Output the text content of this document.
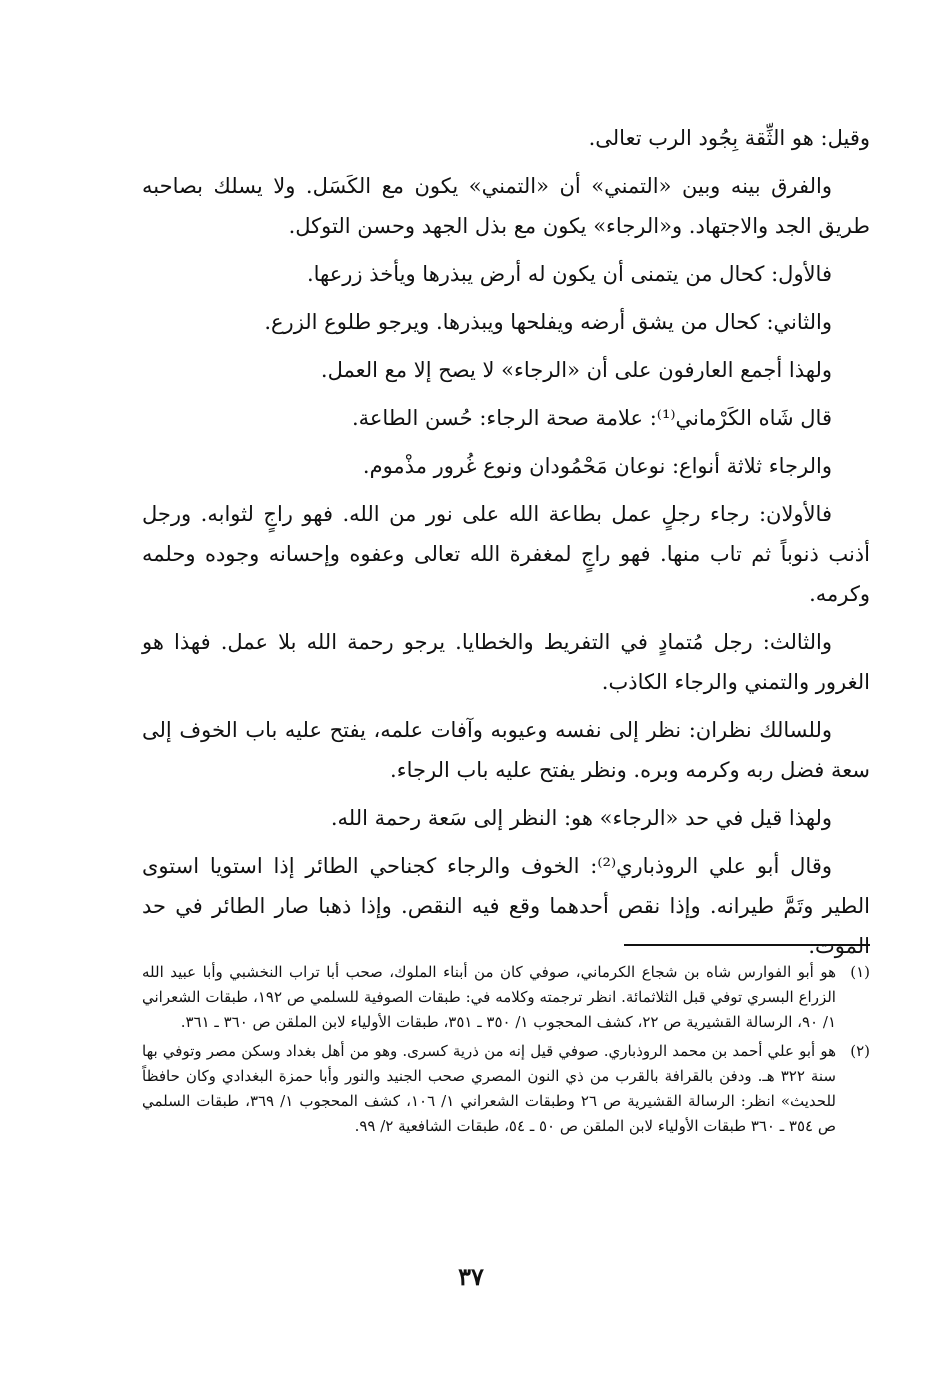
وقيل: هو الثِّقة بِجُود الرب تعالى.

والفرق بينه وبين «التمني» أن «التمني» يكون مع الكَسَل. ولا يسلك بصاحبه طريق الجد والاجتهاد. و«الرجاء» يكون مع بذل الجهد وحسن التوكل.

فالأول: كحال من يتمنى أن يكون له أرض يبذرها ويأخذ زرعها.

والثاني: كحال من يشق أرضه ويفلحها ويبذرها. ويرجو طلوع الزرع.

ولهذا أجمع العارفون على أن «الرجاء» لا يصح إلا مع العمل.

قال شَاه الكَرْماني⁽¹⁾: علامة صحة الرجاء: حُسن الطاعة.

والرجاء ثلاثة أنواع: نوعان مَحْمُودان ونوع غُرور مذْموم.

فالأولان: رجاء رجلٍ عمل بطاعة الله على نور من الله. فهو راجٍ لثوابه. ورجل أذنب ذنوباً ثم تاب منها. فهو راجٍ لمغفرة الله تعالى وعفوه وإحسانه وجوده وحلمه وكرمه.

والثالث: رجل مُتمادٍ في التفريط والخطايا. يرجو رحمة الله بلا عمل. فهذا هو الغرور والتمني والرجاء الكاذب.

وللسالك نظران: نظر إلى نفسه وعيوبه وآفات علمه، يفتح عليه باب الخوف إلى سعة فضل ربه وكرمه وبره. ونظر يفتح عليه باب الرجاء.

ولهذا قيل في حد «الرجاء» هو: النظر إلى سَعة رحمة الله.

وقال أبو علي الروذباري⁽²⁾: الخوف والرجاء كجناحي الطائر إذا استويا استوى الطير وتَمَّ طيرانه. وإذا نقص أحدهما وقع فيه النقص. وإذا ذهبا صار الطائر في حد الموت.

(١)
هو أبو الفوارس شاه بن شجاع الكرماني، صوفي كان من أبناء الملوك، صحب أبا تراب النخشبي وأبا عبيد الله الزراع البسري توفي قبل الثلاثمائة. انظر ترجمته وكلامه في: طبقات الصوفية للسلمي ص ١٩٢، طبقات الشعراني ١/ ٩٠، الرسالة القشيرية ص ٢٢، كشف المحجوب ١/ ٣٥٠ ـ ٣٥١، طبقات الأولياء لابن الملقن ص ٣٦٠ ـ ٣٦١.
(٢)
هو أبو علي أحمد بن محمد الروذباري. صوفي قيل إنه من ذرية كسرى. وهو من أهل بغداد وسكن مصر وتوفي بها سنة ٣٢٢ هـ. ودفن بالقرافة بالقرب من ذي النون المصري صحب الجنيد والنور وأبا حمزة البغدادي وكان حافظاً للحديث» انظر: الرسالة القشيرية ص ٢٦ وطبقات الشعراني ١/ ١٠٦، كشف المحجوب ١/ ٣٦٩، طبقات السلمي ص ٣٥٤ ـ ٣٦٠ طبقات الأولياء لابن الملقن ص ٥٠ ـ ٥٤، طبقات الشافعية ٢/ ٩٩.
٣٧
